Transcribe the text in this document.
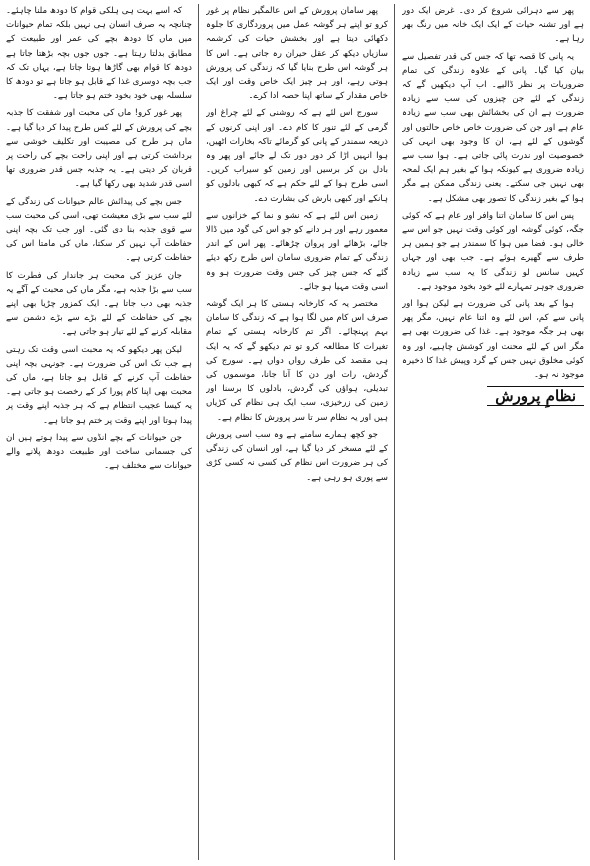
پھر سے دہرائی شروع کر دی۔ غرض ایک دور ہے اور تشنہ حیات کے ایک ایک خانہ میں رنگ بھر رہا ہے۔

یہ پانی کا قصہ تھا کہ جس کی قدر تفصیل سے بیان کیا گیا۔ پانی کے علاوہ زندگی کی تمام ضروریات پر نظر ڈالیے۔ اب آپ دیکھیں گے کہ زندگی کے لئے جن چیزوں کی سب سے زیادہ ضرورت ہے ان کی بخشائش بھی سب سے زیادہ عام ہے اور جن کی ضرورت خاص خاص حالتوں اور گوشوں کے لئے ہے، ان کا وجود بھی انہی کی خصوصیت اور ندرت پائی جاتی ہے۔ ہوا سب سے زیادہ ضروری ہے کیونکہ ہوا کے بغیر ہم ایک لمحہ بھی نہیں جی سکتے۔ یعنی زندگی ممکن ہے مگر ہوا کے بغیر زندگی کا تصور بھی مشکل ہے۔

پس اس کا سامان اتنا وافر اور عام ہے کہ کوئی جگہ، کوئی گوشہ اور کوئی وقت نہیں جو اس سے خالی ہو۔ فضا میں ہوا کا سمندر ہے جو ہمیں ہر طرف سے گھیرے ہوئے ہے۔ جب بھی اور جہاں کہیں سانس لو زندگی کا یہ سب سے زیادہ ضروری جوہر تمہارے لئے خود بخود موجود ہے۔

ہوا کے بعد پانی کی ضرورت ہے لیکن ہوا اور پانی سے کم، اس لئے وہ اتنا عام نہیں، مگر پھر بھی ہر جگہ موجود ہے۔ غذا کی ضرورت بھی ہے مگر اس کے لئے محنت اور کوشش چاہیے، اور وہ کوئی مخلوق نہیں جس کے گرد وپیش غذا کا ذخیرہ موجود نہ ہو۔

نظامِ پرورش

پھر سامان پرورش کے اس عالمگیر نظام پر غور کرو تو اپنے ہر گوشہ عمل میں پروردگاری کا جلوہ دکھائی دیتا ہے اور بخشش حیات کی کرشمہ سازیاں دیکھ کر عقل حیران رہ جاتی ہے۔ اس کا ہر گوشہ اس طرح بنایا گیا کہ زندگی کی پرورش ہوتی رہے، اور ہر چیز ایک خاص وقت اور ایک خاص مقدار کے ساتھ اپنا حصہ ادا کرے۔

سورج اس لئے ہے کہ روشنی کے لئے چراغ اور گرمی کے لئے تنور کا کام دے۔ اور اپنی کرنوں کے ذریعہ سمندر کے پانی کو گرمائے تاکہ بخارات اٹھیں، ہوا انہیں اڑا کر دور دور تک لے جائے اور پھر وہ بادل بن کر برسیں اور زمین کو سیراب کریں۔ اسی طرح ہوا کے لئے حکم ہے کہ کبھی بادلوں کو ہانکے اور کبھی بارش کی بشارت دے۔

زمین اس لئے ہے کہ نشو و نما کے خزانوں سے معمور رہے اور ہر دانے کو جو اس کی گود میں ڈالا جائے، بڑھائے اور پروان چڑھائے۔ پھر اس کے اندر زندگی کے تمام ضروری سامان اس طرح رکھ دیئے گئے کہ جس چیز کی جس وقت ضرورت ہو وہ اسی وقت مہیا ہو جائے۔

مختصر یہ کہ کارخانہ ہستی کا ہر ایک گوشہ صرف اس کام میں لگا ہوا ہے کہ زندگی کا سامان بہم پہنچائے۔ اگر تم کارخانہ ہستی کے تمام تغیرات کا مطالعہ کرو تو تم دیکھو گے کہ یہ ایک ہی مقصد کی طرف رواں دواں ہے۔ سورج کی گردش، رات اور دن کا آنا جانا، موسموں کی تبدیلی، ہواؤں کی گردش، بادلوں کا برسنا اور زمین کی زرخیزی، سب ایک ہی نظام کی کڑیاں ہیں اور یہ نظام سر تا سر پرورش کا نظام ہے۔

جو کچھ ہمارے سامنے ہے وہ سب اسی پرورش کے لئے مسخر کر دیا گیا ہے، اور انسان کی زندگی کی ہر ضرورت اس نظام کی کسی نہ کسی کڑی سے پوری ہو رہی ہے۔

کہ اسے بہت ہی ہلکی قوام کا دودھ ملنا چاہئے۔ چنانچہ یہ صرف انسان ہی نہیں بلکہ تمام حیوانات میں ماں کا دودھ بچے کی عمر اور طبیعت کے مطابق بدلتا رہتا ہے۔ جوں جوں بچہ بڑھتا جاتا ہے دودھ کا قوام بھی گاڑھا ہوتا جاتا ہے، یہاں تک کہ جب بچہ دوسری غذا کے قابل ہو جاتا ہے تو دودھ کا سلسلہ بھی خود بخود ختم ہو جاتا ہے۔

پھر غور کرو! ماں کی محبت اور شفقت کا جذبہ بچے کی پرورش کے لئے کس طرح پیدا کر دیا گیا ہے۔ ماں ہر طرح کی مصیبت اور تکلیف خوشی سے برداشت کرتی ہے اور اپنی راحت بچے کی راحت پر قربان کر دیتی ہے۔ یہ جذبہ جس قدر ضروری تھا اسی قدر شدید بھی رکھا گیا ہے۔

جس بچے کی پیدائش عالم حیوانات کی زندگی کے لئے سب سے بڑی معیشت تھی، اسی کی محبت سب سے قوی جذبہ بنا دی گئی۔ اور جب تک بچہ اپنی حفاظت آپ نہیں کر سکتا، ماں کی مامتا اس کی حفاظت کرتی ہے۔

جان عزیز کی محبت ہر جاندار کی فطرت کا سب سے بڑا جذبہ ہے، مگر ماں کی محبت کے آگے یہ جذبہ بھی دب جاتا ہے۔ ایک کمزور چڑیا بھی اپنے بچے کی حفاظت کے لئے بڑے سے بڑے دشمن سے مقابلہ کرنے کے لئے تیار ہو جاتی ہے۔

لیکن پھر دیکھو کہ یہ محبت اسی وقت تک رہتی ہے جب تک اس کی ضرورت ہے۔ جونہی بچہ اپنی حفاظت آپ کرنے کے قابل ہو جاتا ہے، ماں کی محبت بھی اپنا کام پورا کر کے رخصت ہو جاتی ہے۔ یہ کیسا عجیب انتظام ہے کہ ہر جذبہ اپنے وقت پر پیدا ہوتا اور اپنے وقت پر ختم ہو جاتا ہے۔

جن حیوانات کے بچے انڈوں سے پیدا ہوتے ہیں ان کی جسمانی ساخت اور طبیعت دودھ پلانے والے حیوانات سے مختلف ہے۔
